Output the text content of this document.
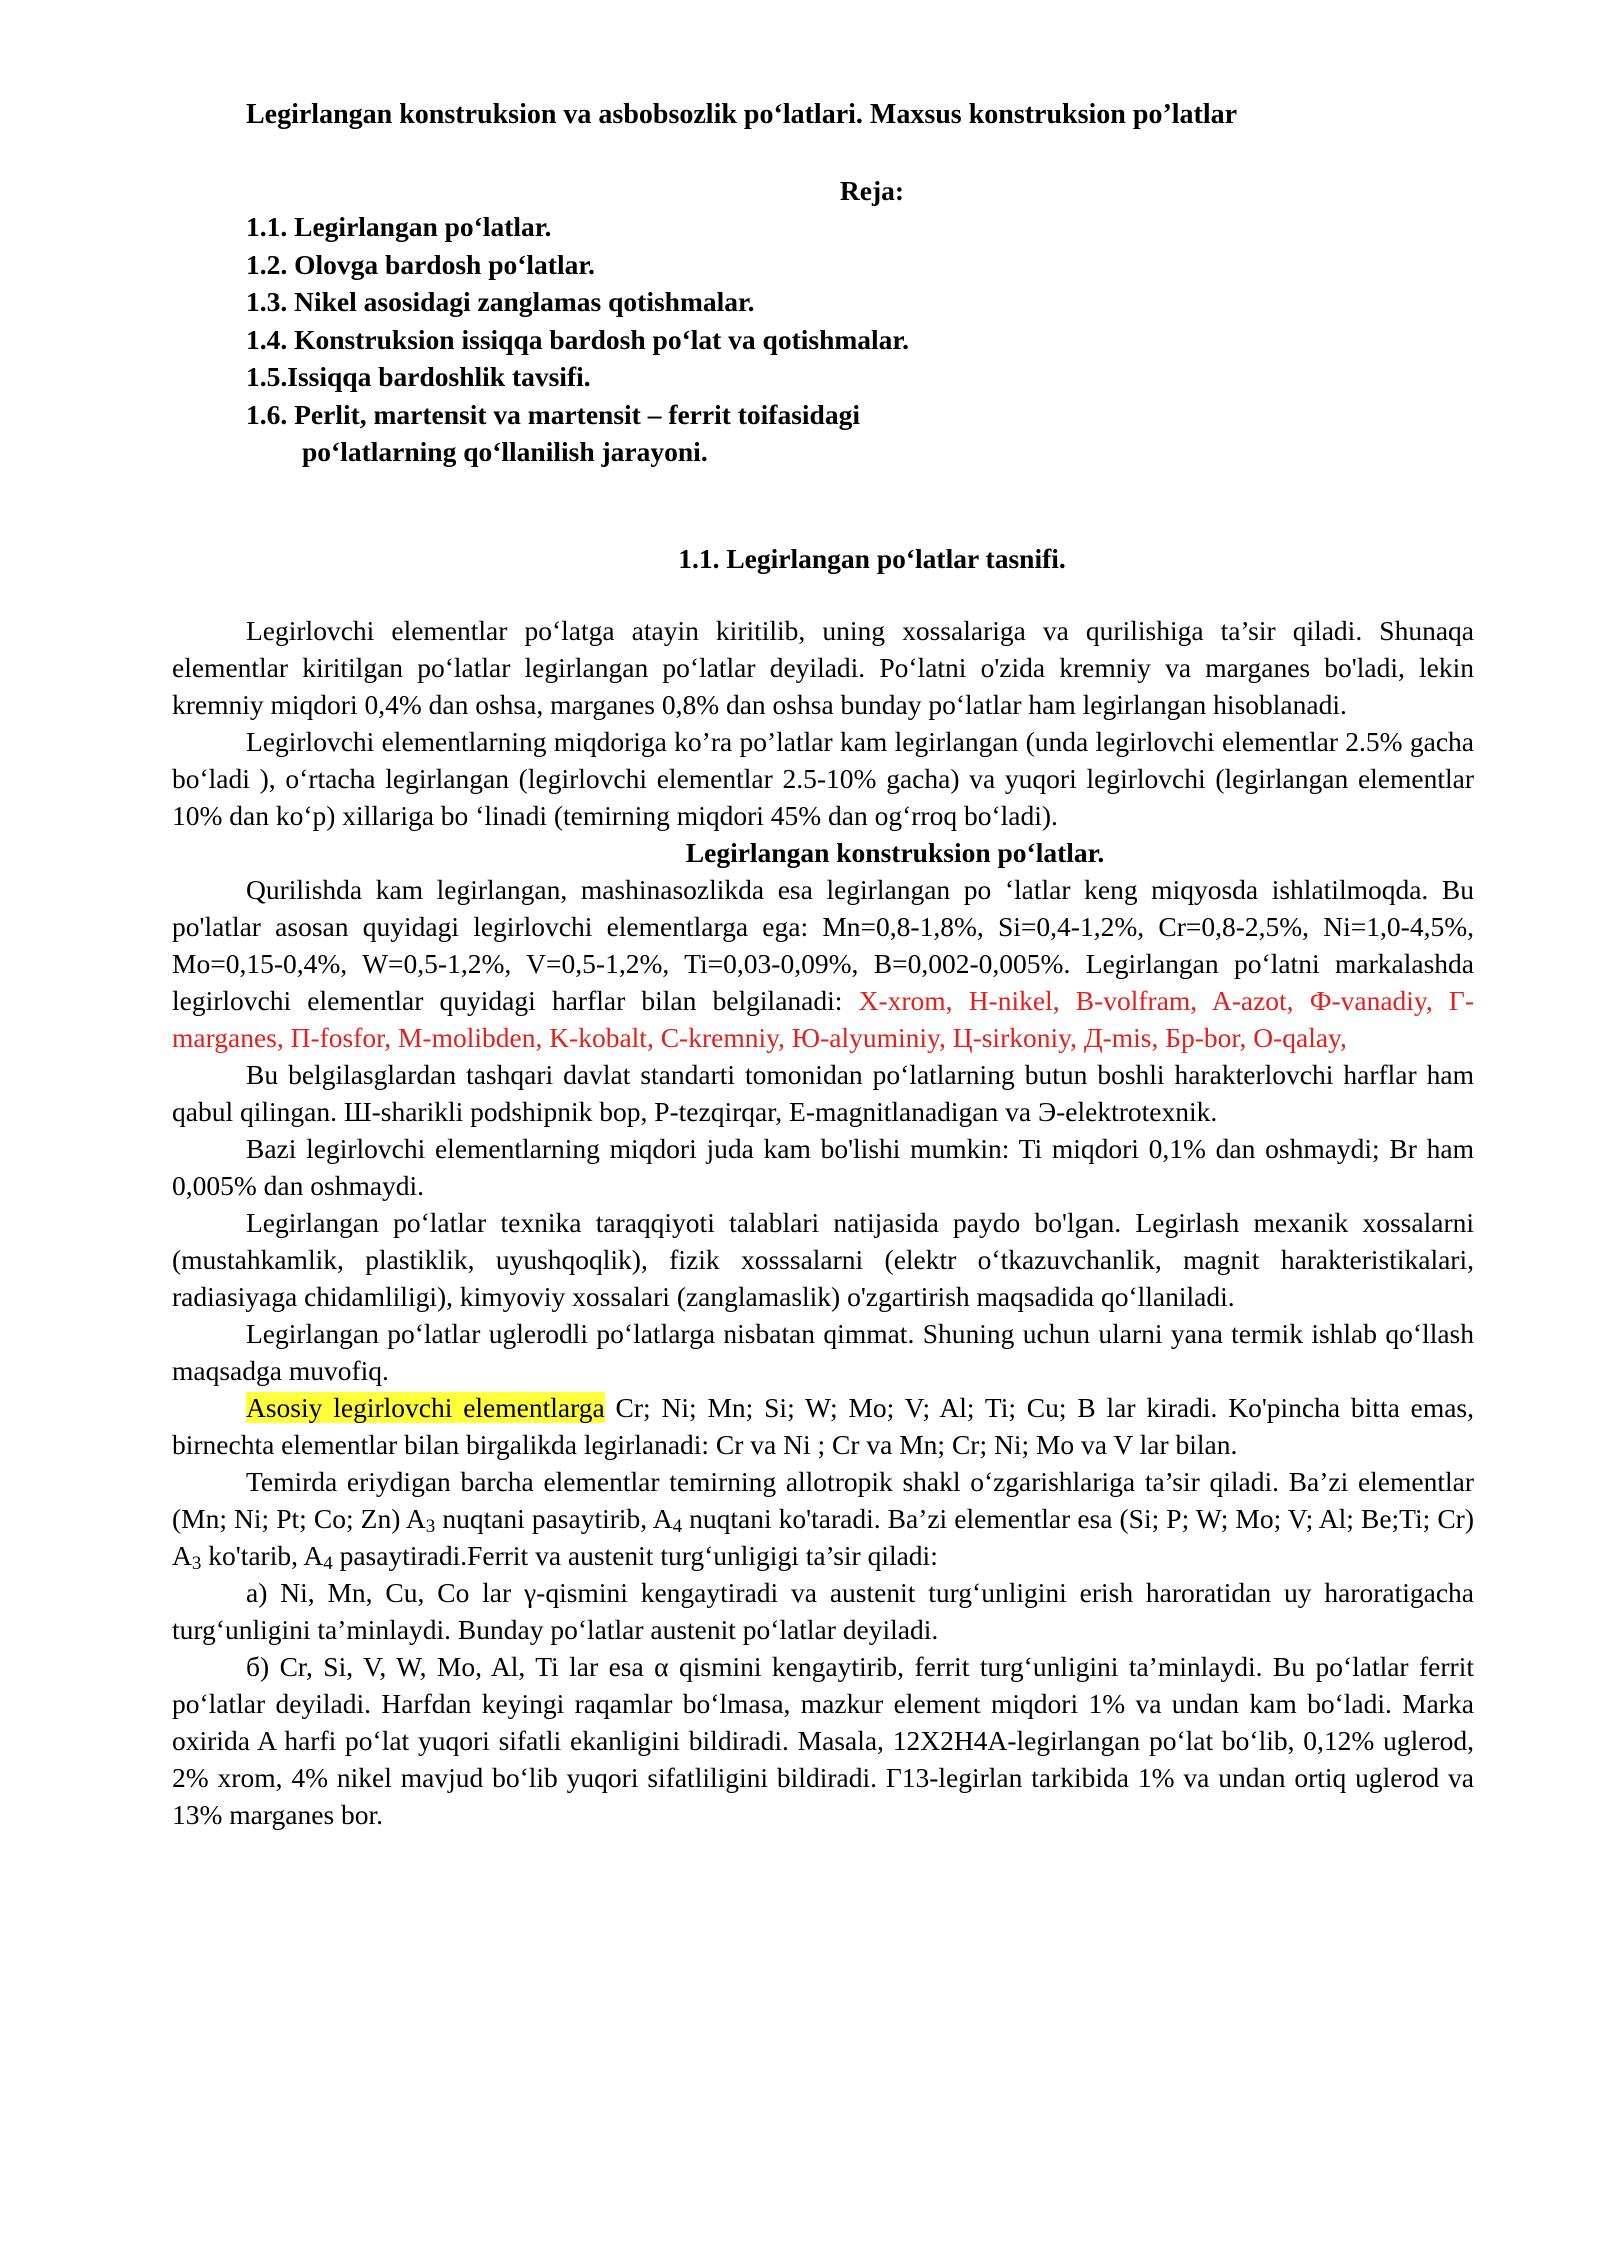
Legirlangan konstruksion va asbobsozlik po‘latlari. Maxsus konstruksion po’latlar
Reja:
1.1. Legirlangan po‘latlar.
1.2. Olovga bardosh po‘latlar.
1.3. Nikel asosidagi zanglamas qotishmalar.
1.4. Konstruksion issiqqa bardosh po‘lat va qotishmalar.
1.5.Issiqqa bardoshlik tavsifi.
1.6. Perlit, martensit va martensit – ferrit toifasidagi
po‘latlarning qo‘llanilish jarayoni.
1.1. Legirlangan po‘latlar tasnifi.

Legirlovchi elementlar po‘latga atayin kiritilib, uning xossalariga va qurilishiga ta’sir qiladi. Shunaqa elementlar kiritilgan po‘latlar legirlangan po‘latlar deyiladi. Po‘latni o'zida kremniy va marganes bo'ladi, lekin kremniy miqdori 0,4% dan oshsa, marganes 0,8% dan oshsa bunday po‘latlar ham legirlangan hisoblanadi.

Legirlovchi elementlarning miqdoriga ko’ra po’latlar kam legirlangan (unda legirlovchi elementlar 2.5% gacha bo‘ladi ), o‘rtacha legirlangan (legirlovchi elementlar 2.5-10% gacha) va yuqori legirlovchi (legirlangan elementlar 10% dan ko‘p) xillariga bo ‘linadi (temirning miqdori 45% dan og‘rroq bo‘ladi).

Legirlangan konstruksion po‘latlar.

Qurilishda kam legirlangan, mashinasozlikda esa legirlangan po ‘latlar keng miqyosda ishlatilmoqda. Bu po'latlar asosan quyidagi legirlovchi elementlarga ega: Mn=0,8-1,8%, Si=0,4-1,2%, Cr=0,8-2,5%, Ni=1,0-4,5%, Mo=0,15-0,4%, W=0,5-1,2%, V=0,5-1,2%, Ti=0,03-0,09%, B=0,002-0,005%. Legirlangan po‘latni markalashda legirlovchi elementlar quyidagi harflar bilan belgilanadi: X-xrom, H-nikel, B-volfram, A-azot, Ф-vanadiy, Г-marganes, П-fosfor, M-molibden, K-kobalt, C-kremniy, Ю-alyuminiy, Ц-sirkoniy, Д-mis, Бр-bor, O-qalay,

Bu belgilasglardan tashqari davlat standarti tomonidan po‘latlarning butun boshli harakterlovchi harflar ham qabul qilingan. Ш-sharikli podshipnik bop, P-tezqirqar, E-magnitlanadigan va Э-elektrotexnik.

Bazi legirlovchi elementlarning miqdori juda kam bo'lishi mumkin: Ti miqdori 0,1% dan oshmaydi; Br ham 0,005% dan oshmaydi.

Legirlangan po‘latlar texnika taraqqiyoti talablari natijasida paydo bo'lgan. Legirlash mexanik xossalarni (mustahkamlik, plastiklik, uyushqoqlik), fizik xosssalarni (elektr o‘tkazuvchanlik, magnit harakteristikalari, radiasiyaga chidamliligi), kimyoviy xossalari (zanglamaslik) o'zgartirish maqsadida qo‘llaniladi.

Legirlangan po‘latlar uglerodli po‘latlarga nisbatan qimmat. Shuning uchun ularni yana termik ishlab qo‘llash maqsadga muvofiq.

Asosiy legirlovchi elementlarga Cr; Ni; Mn; Si; W; Mo; V; Al; Ti; Cu; B lar kiradi. Ko'pincha bitta emas, birnechta elementlar bilan birgalikda legirlanadi: Cr va Ni ; Cr va Mn; Cr; Ni; Mo va V lar bilan.

Temirda eriydigan barcha elementlar temirning allotropik shakl o‘zgarishlariga ta’sir qiladi. Ba’zi elementlar (Mn; Ni; Pt; Co; Zn) $A_3$ nuqtani pasaytirib, $A_4$ nuqtani ko'taradi. Ba’zi elementlar esa (Si; P; W; Mo; V; Al; Be;Ti; Cr) $A_3$ ko'tarib, $A_4$ pasaytiradi.Ferrit va austenit turg‘unligigi ta’sir qiladi:

a) Ni, Mn, Cu, Co lar γ-qismini kengaytiradi va austenit turg‘unligini erish haroratidan uy haroratigacha turg‘unligini ta’minlaydi. Bunday po‘latlar austenit po‘latlar deyiladi.

б) Cr, Si, V, W, Mo, Al, Ti lar esa α qismini kengaytirib, ferrit turg‘unligini ta’minlaydi. Bu po‘latlar ferrit po‘latlar deyiladi. Harfdan keyingi raqamlar bo‘lmasa, mazkur element miqdori 1% va undan kam bo‘ladi. Marka oxirida A harfi po‘lat yuqori sifatli ekanligini bildiradi. Masala, 12X2H4A-legirlangan po‘lat bo‘lib, 0,12% uglerod, 2% xrom, 4% nikel mavjud bo‘lib yuqori sifatliligini bildiradi. Г13-legirlan tarkibida 1% va undan ortiq uglerod va 13% marganes bor.
